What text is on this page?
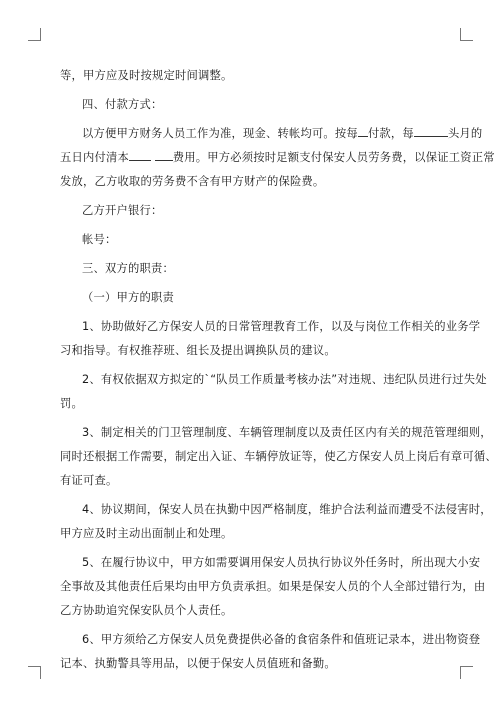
等，甲方应及时按规定时间调整。
四、付款方式：
以方便甲方财务人员工作为准，现金、转帐均可。按每 付款，每	头月的
五日内付清本	费用。甲方必须按时足额支付保安人员劳务费，以保证工资正常
发放，乙方收取的劳务费不含有甲方财产的保险费。
乙方开户银行：
帐号：
三、双方的职责：
（一）甲方的职责
1、协助做好乙方保安人员的日常管理教育工作，以及与岗位工作相关的业务学
习和指导。有权推荐班、组长及提出调换队员的建议。
2、有权依据双方拟定的`“队员工作质量考核办法”对违规、违纪队员进行过失处
罚。
3、制定相关的门卫管理制度、车辆管理制度以及责任区内有关的规范管理细则，
同时还根据工作需要，制定出入证、车辆停放证等，使乙方保安人员上岗后有章可循、
有证可查。
4、协议期间，保安人员在执勤中因严格制度，维护合法利益而遭受不法侵害时，
甲方应及时主动出面制止和处理。
5、在履行协议中，甲方如需要调用保安人员执行协议外任务时，所出现大小安
全事故及其他责任后果均由甲方负责承担。如果是保安人员的个人全部过错行为，由
乙方协助追究保安队员个人责任。
6、甲方须给乙方保安人员免费提供必备的食宿条件和值班记录本，进出物资登
记本、执勤警具等用品，以便于保安人员值班和备勤。
